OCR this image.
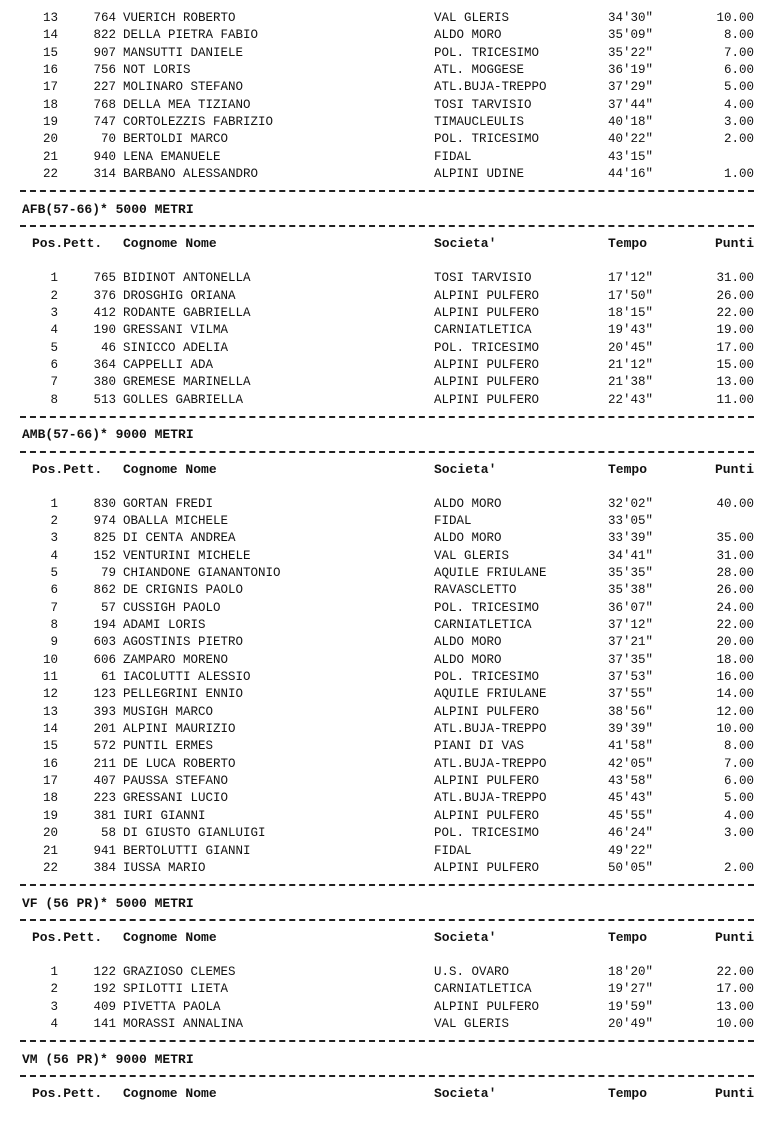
13	764 VUERICH ROBERTO	VAL GLERIS	34'30"	10.00
14	822 DELLA PIETRA FABIO	ALDO MORO	35'09"	8.00
15	907 MANSUTTI DANIELE	POL. TRICESIMO	35'22"	7.00
16	756 NOT LORIS	ATL. MOGGESE	36'19"	6.00
17	227 MOLINARO STEFANO	ATL.BUJA-TREPPO	37'29"	5.00
18	768 DELLA MEA TIZIANO	TOSI TARVISIO	37'44"	4.00
19	747 CORTOLEZZIS FABRIZIO	TIMAUCLEULIS	40'18"	3.00
20	70 BERTOLDI MARCO	POL. TRICESIMO	40'22"	2.00
21	940 LENA EMANUELE	FIDAL	43'15"
22	314 BARBANO ALESSANDRO	ALPINI UDINE	44'16"	1.00
AFB(57-66)* 5000 METRI
Pos.Pett. Cognome Nome	Societa'	Tempo	Punti
1	765 BIDINOT ANTONELLA	TOSI TARVISIO	17'12"	31.00
2	376 DROSGHIG ORIANA	ALPINI PULFERO	17'50"	26.00
3	412 RODANTE GABRIELLA	ALPINI PULFERO	18'15"	22.00
4	190 GRESSANI VILMA	CARNIATLETICA	19'43"	19.00
5	46 SINICCO ADELIA	POL. TRICESIMO	20'45"	17.00
6	364 CAPPELLI ADA	ALPINI PULFERO	21'12"	15.00
7	380 GREMESE MARINELLA	ALPINI PULFERO	21'38"	13.00
8	513 GOLLES GABRIELLA	ALPINI PULFERO	22'43"	11.00
AMB(57-66)* 9000 METRI
Pos.Pett. Cognome Nome	Societa'	Tempo	Punti
1	830 GORTAN FREDI	ALDO MORO	32'02"	40.00
2	974 OBALLA MICHELE	FIDAL	33'05"
3	825 DI CENTA ANDREA	ALDO MORO	33'39"	35.00
4	152 VENTURINI MICHELE	VAL GLERIS	34'41"	31.00
5	79 CHIANDONE GIANANTONIO	AQUILE FRIULANE	35'35"	28.00
6	862 DE CRIGNIS PAOLO	RAVASCLETTO	35'38"	26.00
7	57 CUSSIGH PAOLO	POL. TRICESIMO	36'07"	24.00
8	194 ADAMI LORIS	CARNIATLETICA	37'12"	22.00
9	603 AGOSTINIS PIETRO	ALDO MORO	37'21"	20.00
10	606 ZAMPARO MORENO	ALDO MORO	37'35"	18.00
11	61 IACOLUTTI ALESSIO	POL. TRICESIMO	37'53"	16.00
12	123 PELLEGRINI ENNIO	AQUILE FRIULANE	37'55"	14.00
13	393 MUSIGH MARCO	ALPINI PULFERO	38'56"	12.00
14	201 ALPINI MAURIZIO	ATL.BUJA-TREPPO	39'39"	10.00
15	572 PUNTIL ERMES	PIANI DI VAS	41'58"	8.00
16	211 DE LUCA ROBERTO	ATL.BUJA-TREPPO	42'05"	7.00
17	407 PAUSSA STEFANO	ALPINI PULFERO	43'58"	6.00
18	223 GRESSANI LUCIO	ATL.BUJA-TREPPO	45'43"	5.00
19	381 IURI GIANNI	ALPINI PULFERO	45'55"	4.00
20	58 DI GIUSTO GIANLUIGI	POL. TRICESIMO	46'24"	3.00
21	941 BERTOLUTTI GIANNI	FIDAL	49'22"
22	384 IUSSA MARIO	ALPINI PULFERO	50'05"	2.00
VF (56 PR)* 5000 METRI
Pos.Pett. Cognome Nome	Societa'	Tempo	Punti
1	122 GRAZIOSO CLEMES	U.S. OVARO	18'20"	22.00
2	192 SPILOTTI LIETA	CARNIATLETICA	19'27"	17.00
3	409 PIVETTA PAOLA	ALPINI PULFERO	19'59"	13.00
4	141 MORASSI ANNALINA	VAL GLERIS	20'49"	10.00
VM (56 PR)* 9000 METRI
Pos.Pett. Cognome Nome	Societa'	Tempo	Punti
